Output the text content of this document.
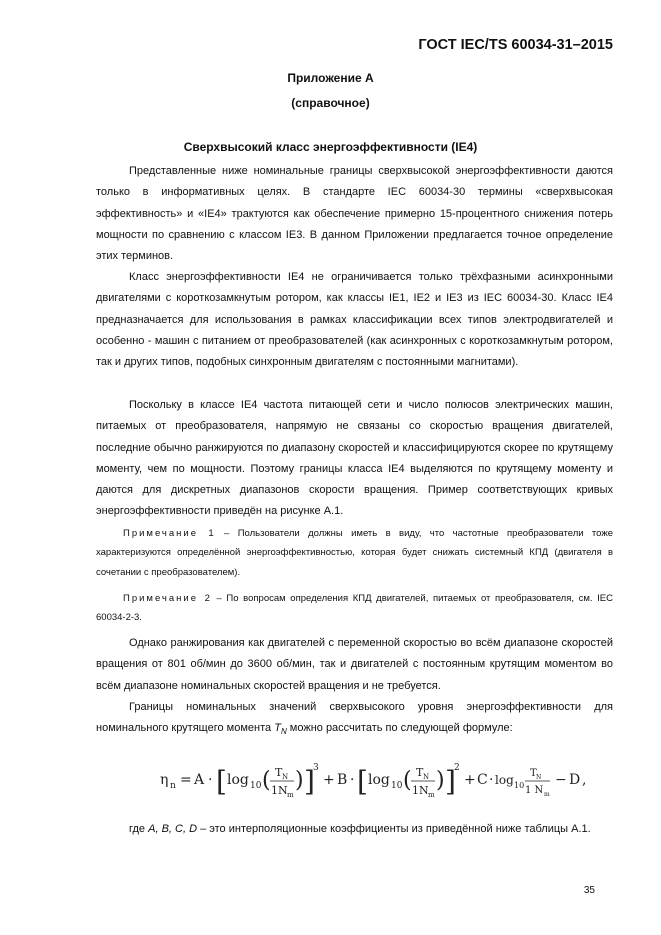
ГОСТ IEC/TS 60034-31–2015
Приложение А
(справочное)
Сверхвысокий класс энергоэффективности (IE4)

Представленные ниже номинальные границы сверхвысокой энергоэффективности даются только в информативных целях. В стандарте IEC 60034-30 термины «сверхвысокая эффективность» и «IE4» трактуются как обеспечение примерно 15-процентного снижения потерь мощности по сравнению с классом IE3. В данном Приложении предлагается точное определение этих терминов.

Класс энергоэффективности IE4 не ограничивается только трёхфазными асинхронными двигателями с короткозамкнутым ротором, как классы IE1, IE2 и IE3 из IEC 60034-30. Класс IE4 предназначается для использования в рамках классификации всех типов электродвигателей и особенно - машин с питанием от преобразователей (как асинхронных с короткозамкнутым ротором, так и других типов, подобных синхронным двигателям с постоянными магнитами).

Поскольку в классе IE4 частота питающей сети и число полюсов электрических машин, питаемых от преобразователя, напрямую не связаны со скоростью вращения двигателей, последние обычно ранжируются по диапазону скоростей и классифицируются скорее по крутящему моменту, чем по мощности. Поэтому границы класса IE4 выделяются по крутящему моменту и даются для дискретных диапазонов скорости вращения. Пример соответствующих кривых энергоэффективности приведён на рисунке А.1.

Примечание 1 – Пользователи должны иметь в виду, что частотные преобразователи тоже характеризуются определённой энергоэффективностью, которая будет снижать системный КПД (двигателя в сочетании с преобразователем).

Примечание 2 – По вопросам определения КПД двигателей, питаемых от преобразователя, см. IEC 60034-2-3.

Однако ранжирования как двигателей с переменной скоростью во всём диапазоне скоростей вращения от 801 об/мин до 3600 об/мин, так и двигателей с постоянным крутящим моментом во всём диапазоне номинальных скоростей вращения и не требуется.

Границы номинальных значений сверхвысокого уровня энергоэффективности для номинального крутящего момента $T_N$ можно рассчитать по следующей формуле:

η n = A · [ log 10 ( T N
1N m
) ]
3
+ B · [ log 10 ( T N
1N m
) ]
2
+ C · log 10
T N
1 N m
− D ,

где A, B, C, D – это интерполяционные коэффициенты из приведённой ниже таблицы А.1.

35
